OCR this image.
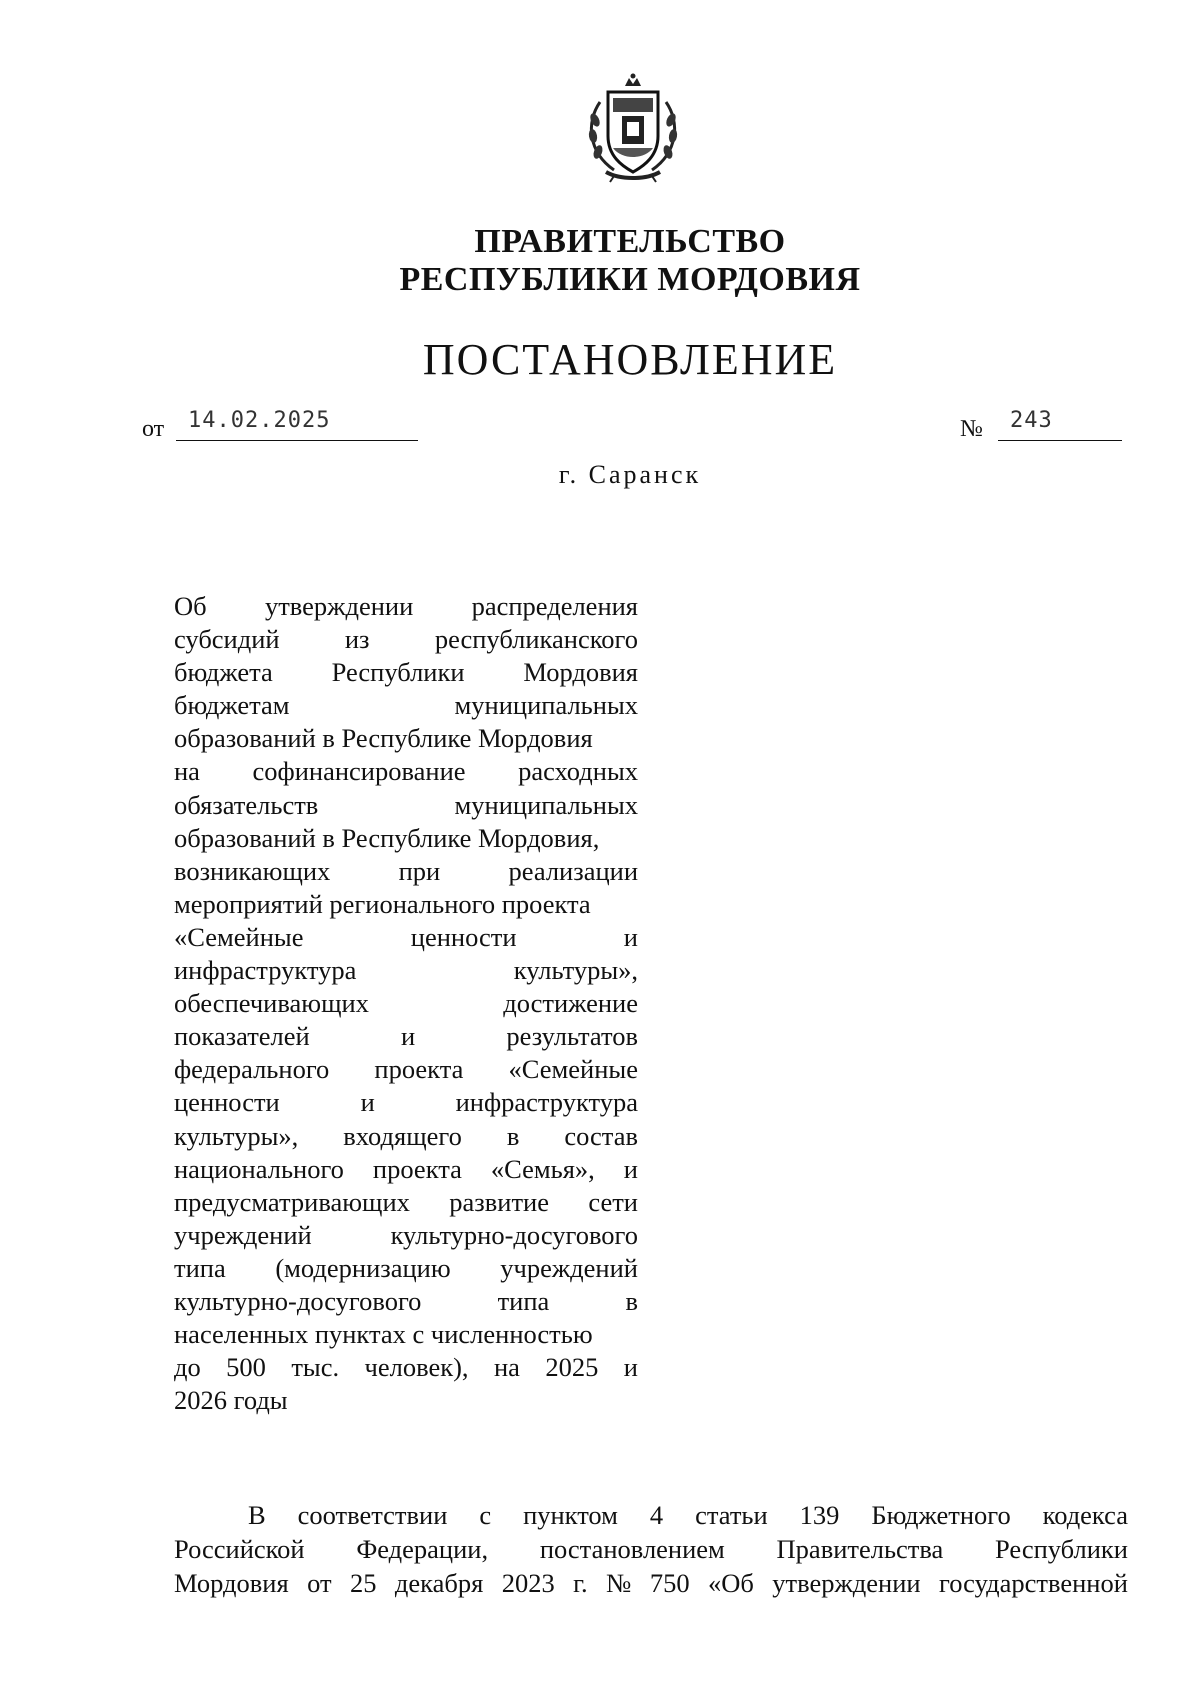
ПРАВИТЕЛЬСТВО
РЕСПУБЛИКИ МОРДОВИЯ
ПОСТАНОВЛЕНИЕ
от 14.02.2025	№ 243
г. Саранск
Об утверждении распределения
субсидий из республиканского
бюджета Республики Мордовия
бюджетам	муниципальных
образований в Республике Мордовия
на софинансирование расходных
обязательств	муниципальных
образований в Республике Мордовия,
возникающих	при	реализации
мероприятий регионального проекта
«Семейные	ценности	и
инфраструктура	культуры»,
обеспечивающих	достижение
показателей	и	результатов
федерального проекта «Семейные
ценности	и	инфраструктура
культуры», входящего в состав
национального проекта «Семья», и
предусматривающих развитие сети
учреждений	культурно-досугового
типа (модернизацию учреждений
культурно-досугового	типа	в
населенных пунктах с численностью
до 500 тыс. человек), на 2025 и
2026 годы
В соответствии с пунктом 4 статьи 139 Бюджетного кодекса
Российской Федерации, постановлением Правительства Республики
Мордовия от 25 декабря 2023 г. № 750 «Об утверждении государственной
